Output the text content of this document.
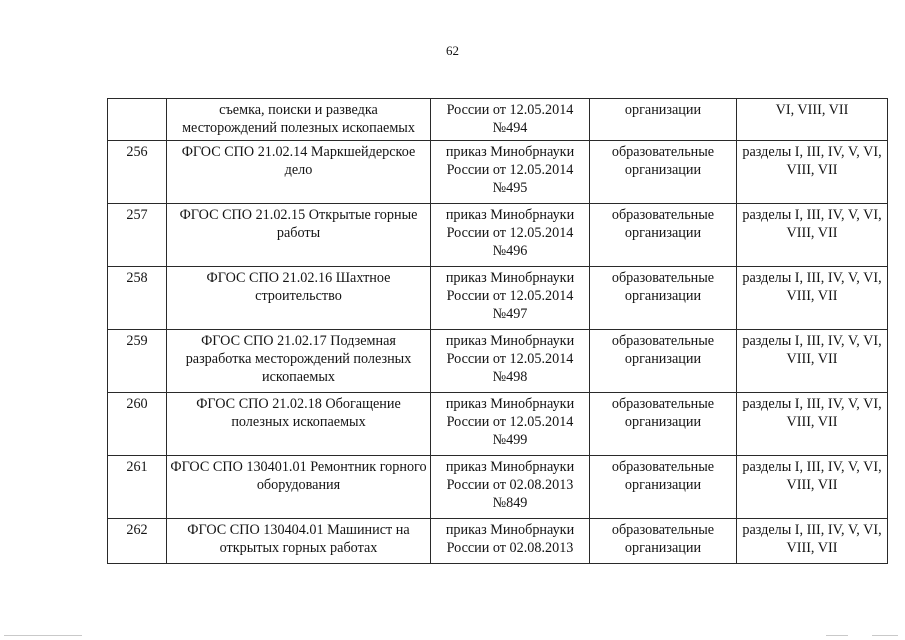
62
	съемка, поиски и разведка месторождений полезных ископаемых	России от 12.05.2014 №494	организации	VI, VIII, VII
256	ФГОС СПО 21.02.14 Маркшейдерское дело	приказ Минобрнауки России от 12.05.2014 №495	образовательные организации	разделы I, III, IV, V, VI, VIII, VII
257	ФГОС СПО 21.02.15 Открытые горные работы	приказ Минобрнауки России от 12.05.2014 №496	образовательные организации	разделы I, III, IV, V, VI, VIII, VII
258	ФГОС СПО 21.02.16 Шахтное строительство	приказ Минобрнауки России от 12.05.2014 №497	образовательные организации	разделы I, III, IV, V, VI, VIII, VII
259	ФГОС СПО 21.02.17 Подземная разработка месторождений полезных ископаемых	приказ Минобрнауки России от 12.05.2014 №498	образовательные организации	разделы I, III, IV, V, VI, VIII, VII
260	ФГОС СПО 21.02.18 Обогащение полезных ископаемых	приказ Минобрнауки России от 12.05.2014 №499	образовательные организации	разделы I, III, IV, V, VI, VIII, VII
261	ФГОС СПО 130401.01 Ремонтник горного оборудования	приказ Минобрнауки России от 02.08.2013 №849	образовательные организации	разделы I, III, IV, V, VI, VIII, VII
262	ФГОС СПО 130404.01 Машинист на открытых горных работах	приказ Минобрнауки России от 02.08.2013	образовательные организации	разделы I, III, IV, V, VI, VIII, VII
